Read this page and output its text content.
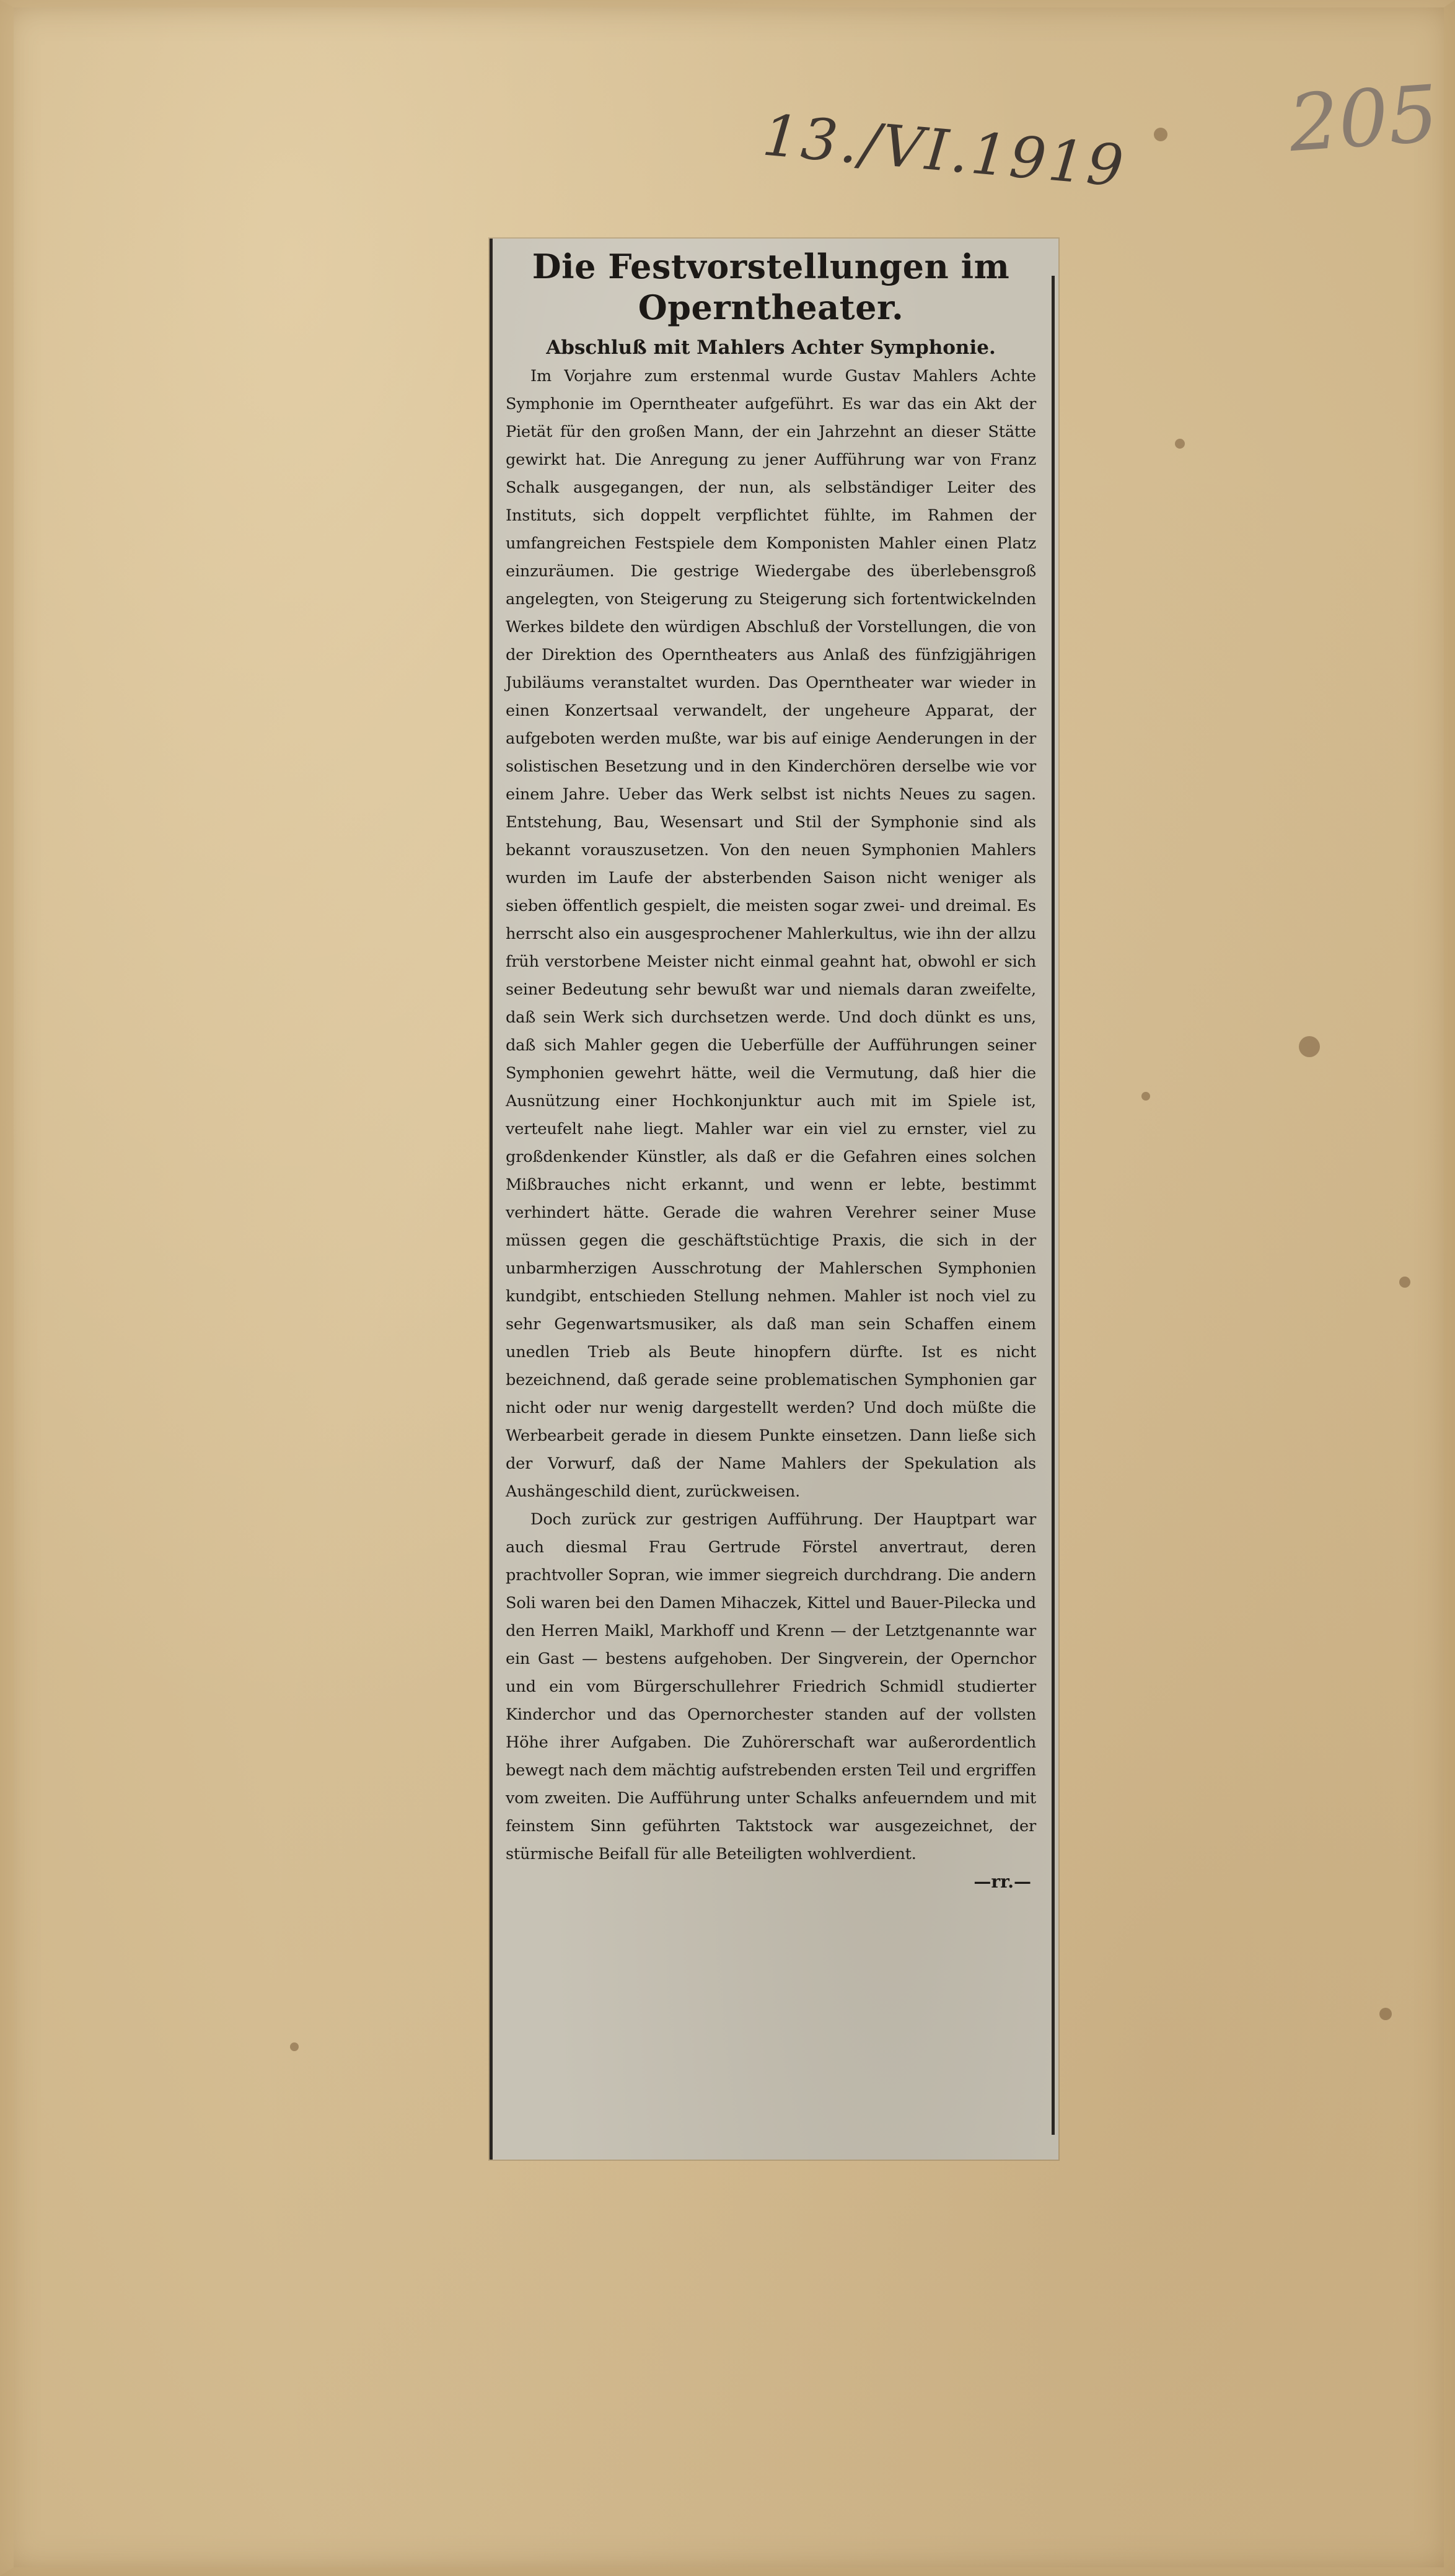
13./VI.1919 205
Die Festvorstellungen im Operntheater.
Abschluß mit Mahlers Achter Symphonie.

Im Vorjahre zum erstenmal wurde Gustav Mahlers Achte Symphonie im Operntheater aufgeführt. Es war das ein Akt der Pietät für den großen Mann, der ein Jahrzehnt an dieser Stätte gewirkt hat. Die Anregung zu jener Aufführung war von Franz Schalk ausgegangen, der nun, als selbständiger Leiter des Instituts, sich doppelt verpflichtet fühlte, im Rahmen der umfangreichen Festspiele dem Komponisten Mahler einen Platz einzuräumen. Die gestrige Wiedergabe des überlebensgroß angelegten, von Steigerung zu Steigerung sich fortentwickelnden Werkes bildete den würdigen Abschluß der Vorstellungen, die von der Direktion des Operntheaters aus Anlaß des fünfzigjährigen Jubiläums veranstaltet wurden. Das Operntheater war wieder in einen Konzertsaal verwandelt, der ungeheure Apparat, der aufgeboten werden mußte, war bis auf einige Aenderungen in der solistischen Besetzung und in den Kinderchören derselbe wie vor einem Jahre. Ueber das Werk selbst ist nichts Neues zu sagen. Entstehung, Bau, Wesensart und Stil der Symphonie sind als bekannt vorauszusetzen. Von den neuen Symphonien Mahlers wurden im Laufe der absterbenden Saison nicht weniger als sieben öffentlich gespielt, die meisten sogar zwei- und dreimal. Es herrscht also ein ausgesprochener Mahlerkultus, wie ihn der allzu früh verstorbene Meister nicht einmal geahnt hat, obwohl er sich seiner Bedeutung sehr bewußt war und niemals daran zweifelte, daß sein Werk sich durchsetzen werde. Und doch dünkt es uns, daß sich Mahler gegen die Ueberfülle der Aufführungen seiner Symphonien gewehrt hätte, weil die Vermutung, daß hier die Ausnützung einer Hochkonjunktur auch mit im Spiele ist, verteufelt nahe liegt. Mahler war ein viel zu ernster, viel zu großdenkender Künstler, als daß er die Gefahren eines solchen Mißbrauches nicht erkannt, und wenn er lebte, bestimmt verhindert hätte. Gerade die wahren Verehrer seiner Muse müssen gegen die geschäftstüchtige Praxis, die sich in der unbarmherzigen Ausschrotung der Mahlerschen Symphonien kundgibt, entschieden Stellung nehmen. Mahler ist noch viel zu sehr Gegenwartsmusiker, als daß man sein Schaffen einem unedlen Trieb als Beute hinopfern dürfte. Ist es nicht bezeichnend, daß gerade seine problematischen Symphonien gar nicht oder nur wenig dargestellt werden? Und doch müßte die Werbearbeit gerade in diesem Punkte einsetzen. Dann ließe sich der Vorwurf, daß der Name Mahlers der Spekulation als Aushängeschild dient, zurückweisen.

Doch zurück zur gestrigen Aufführung. Der Hauptpart war auch diesmal Frau Gertrude Förstel anvertraut, deren prachtvoller Sopran, wie immer siegreich durchdrang. Die andern Soli waren bei den Damen Mihaczek, Kittel und Bauer-Pilecka und den Herren Maikl, Markhoff und Krenn — der Letztgenannte war ein Gast — bestens aufgehoben. Der Singverein, der Opernchor und ein vom Bürgerschullehrer Friedrich Schmidl studierter Kinderchor und das Opernorchester standen auf der vollsten Höhe ihrer Aufgaben. Die Zuhörerschaft war außerordentlich bewegt nach dem mächtig aufstrebenden ersten Teil und ergriffen vom zweiten. Die Aufführung unter Schalks anfeuerndem und mit feinstem Sinn geführten Taktstock war ausgezeichnet, der stürmische Beifall für alle Beteiligten wohlverdient.

—rr.—
